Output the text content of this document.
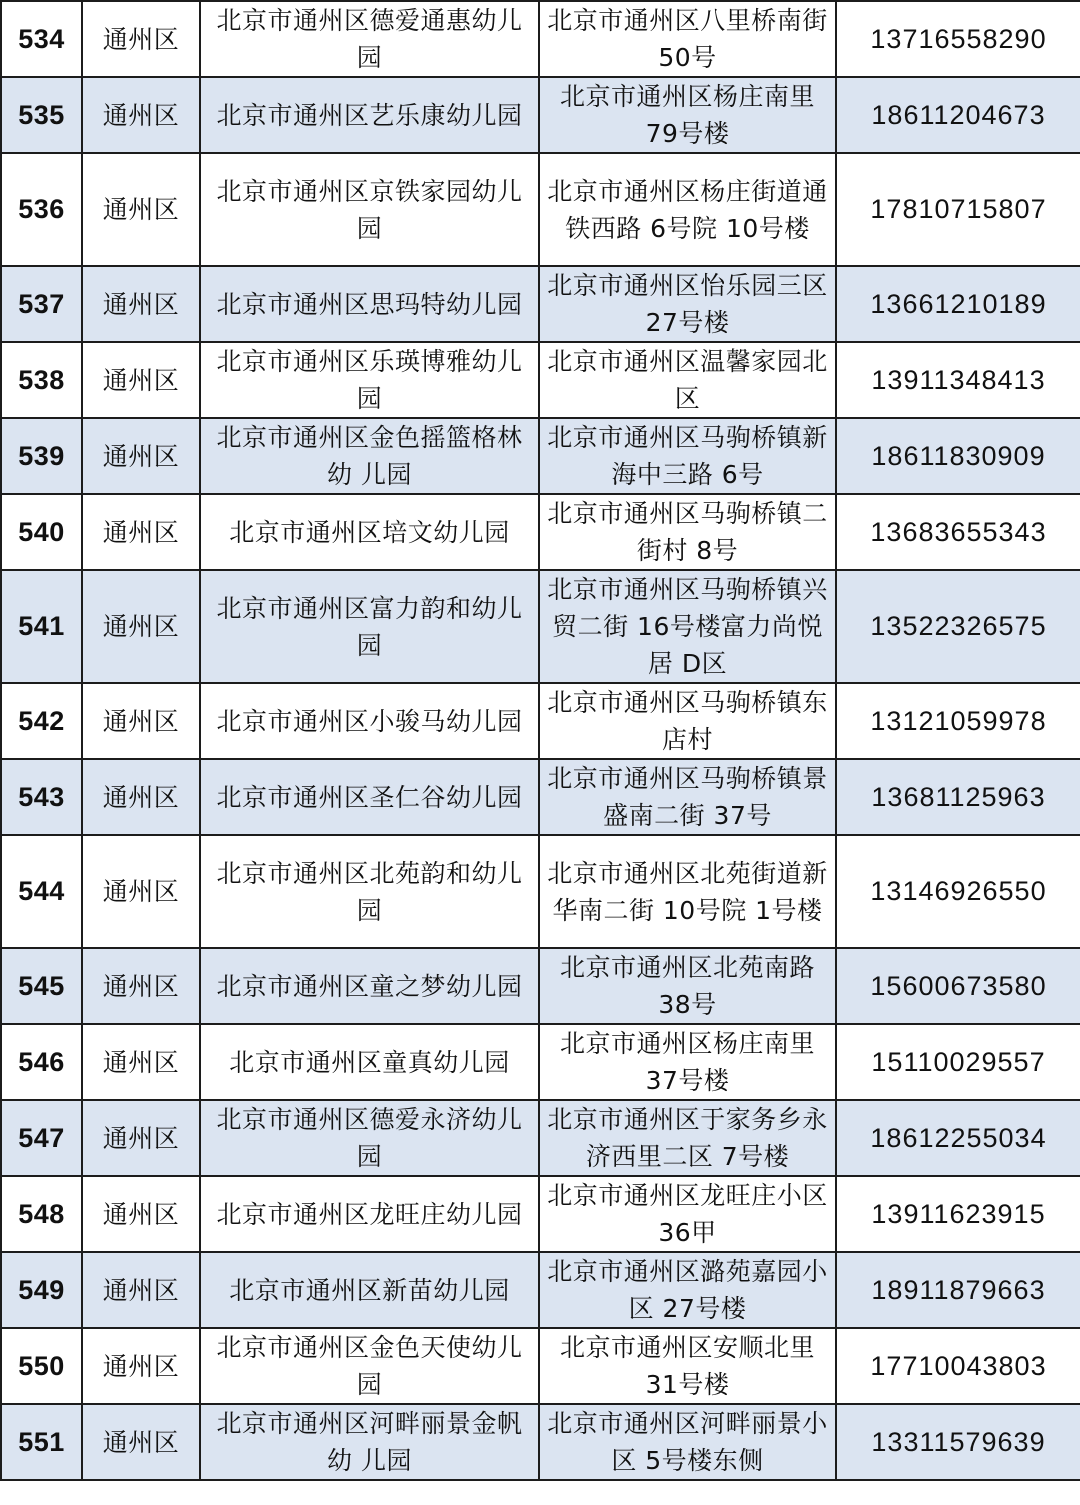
534	通州区	北京市通州区德爱通惠幼儿园	北京市通州区八里桥南街 50号	13716558290
535	通州区	北京市通州区艺乐康幼儿园	北京市通州区杨庄南里79号楼	18611204673
536	通州区	北京市通州区京铁家园幼儿园	北京市通州区杨庄街道通铁西路 6号院 10号楼	17810715807
537	通州区	北京市通州区思玛特幼儿园	北京市通州区怡乐园三区 27号楼	13661210189
538	通州区	北京市通州区乐瑛博雅幼儿园	北京市通州区温馨家园北区	13911348413
539	通州区	北京市通州区金色摇篮格林幼 儿园	北京市通州区马驹桥镇新海中三路 6号	18611830909
540	通州区	北京市通州区培文幼儿园	北京市通州区马驹桥镇二街村 8号	13683655343
541	通州区	北京市通州区富力韵和幼儿园	北京市通州区马驹桥镇兴贸二街 16号楼富力尚悦居 D区	13522326575
542	通州区	北京市通州区小骏马幼儿园	北京市通州区马驹桥镇东店村	13121059978
543	通州区	北京市通州区圣仁谷幼儿园	北京市通州区马驹桥镇景盛南二街 37号	13681125963
544	通州区	北京市通州区北苑韵和幼儿园	北京市通州区北苑街道新华南二街 10号院 1号楼	13146926550
545	通州区	北京市通州区童之梦幼儿园	北京市通州区北苑南路38号	15600673580
546	通州区	北京市通州区童真幼儿园	北京市通州区杨庄南里37号楼	15110029557
547	通州区	北京市通州区德爱永济幼儿园	北京市通州区于家务乡永济西里二区 7号楼	18612255034
548	通州区	北京市通州区龙旺庄幼儿园	北京市通州区龙旺庄小区 36甲	13911623915
549	通州区	北京市通州区新苗幼儿园	北京市通州区潞苑嘉园小区 27号楼	18911879663
550	通州区	北京市通州区金色天使幼儿园	北京市通州区安顺北里31号楼	17710043803
551	通州区	北京市通州区河畔丽景金帆幼 儿园	北京市通州区河畔丽景小区 5号楼东侧	13311579639
